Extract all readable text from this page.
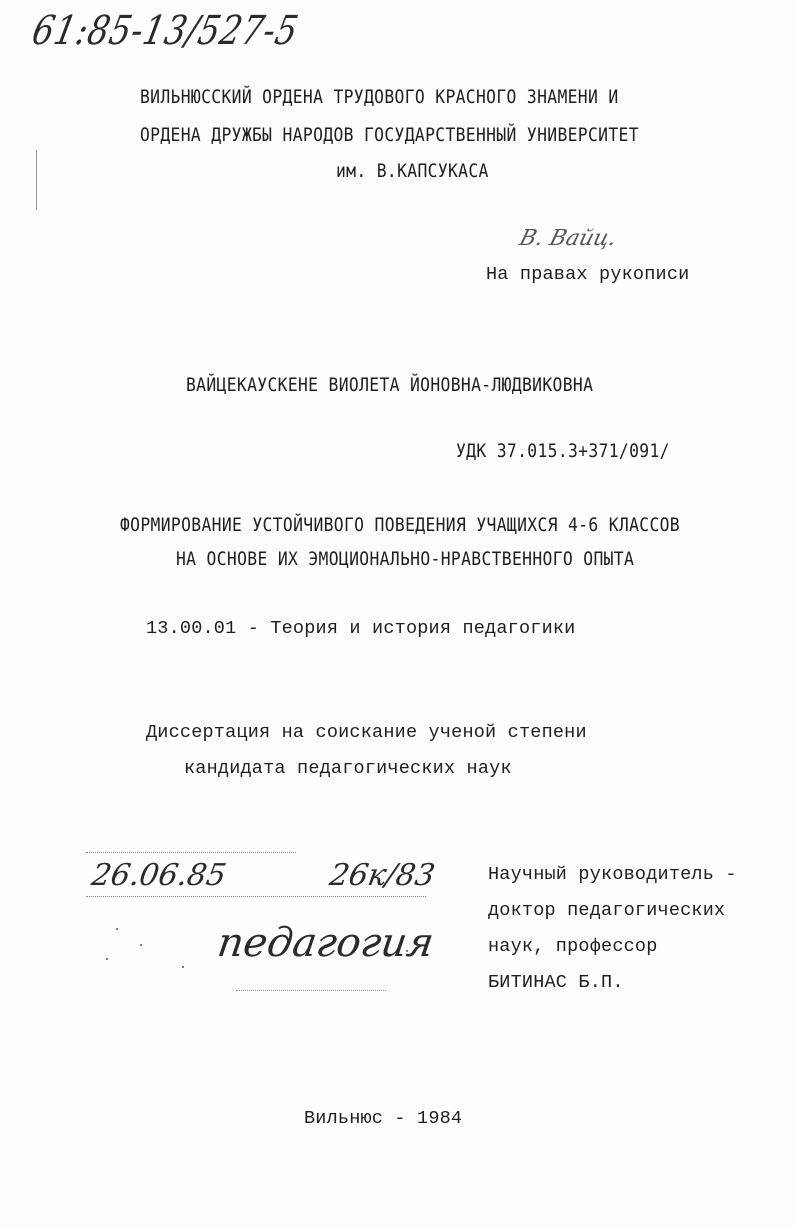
61:85-13/527-5
ВИЛЬНЮССКИЙ ОРДЕНА ТРУДОВОГО КРАСНОГО ЗНАМЕНИ И
ОРДЕНА ДРУЖБЫ НАРОДОВ ГОСУДАРСТВЕННЫЙ УНИВЕРСИТЕТ
им. В.КАПСУКАСА
В. Вайц.
На правах рукописи
ВАЙЦЕКАУСКЕНЕ ВИОЛЕТА ЙОНОВНА-ЛЮДВИКОВНА
УДК 37.015.3+371/091/
ФОРМИРОВАНИЕ УСТОЙЧИВОГО ПОВЕДЕНИЯ УЧАЩИХСЯ 4-6 КЛАССОВ
НА ОСНОВЕ ИХ ЭМОЦИОНАЛЬНО-НРАВСТВЕННОГО ОПЫТА
13.00.01 - Теория и история педагогики
Диссертация на соискание ученой степени
кандидата педагогических наук
26.06.85	26к/83
педагогия
Научный руководитель -
доктор педагогических
наук, профессор
БИТИНАС Б.П.
Вильнюс - 1984
